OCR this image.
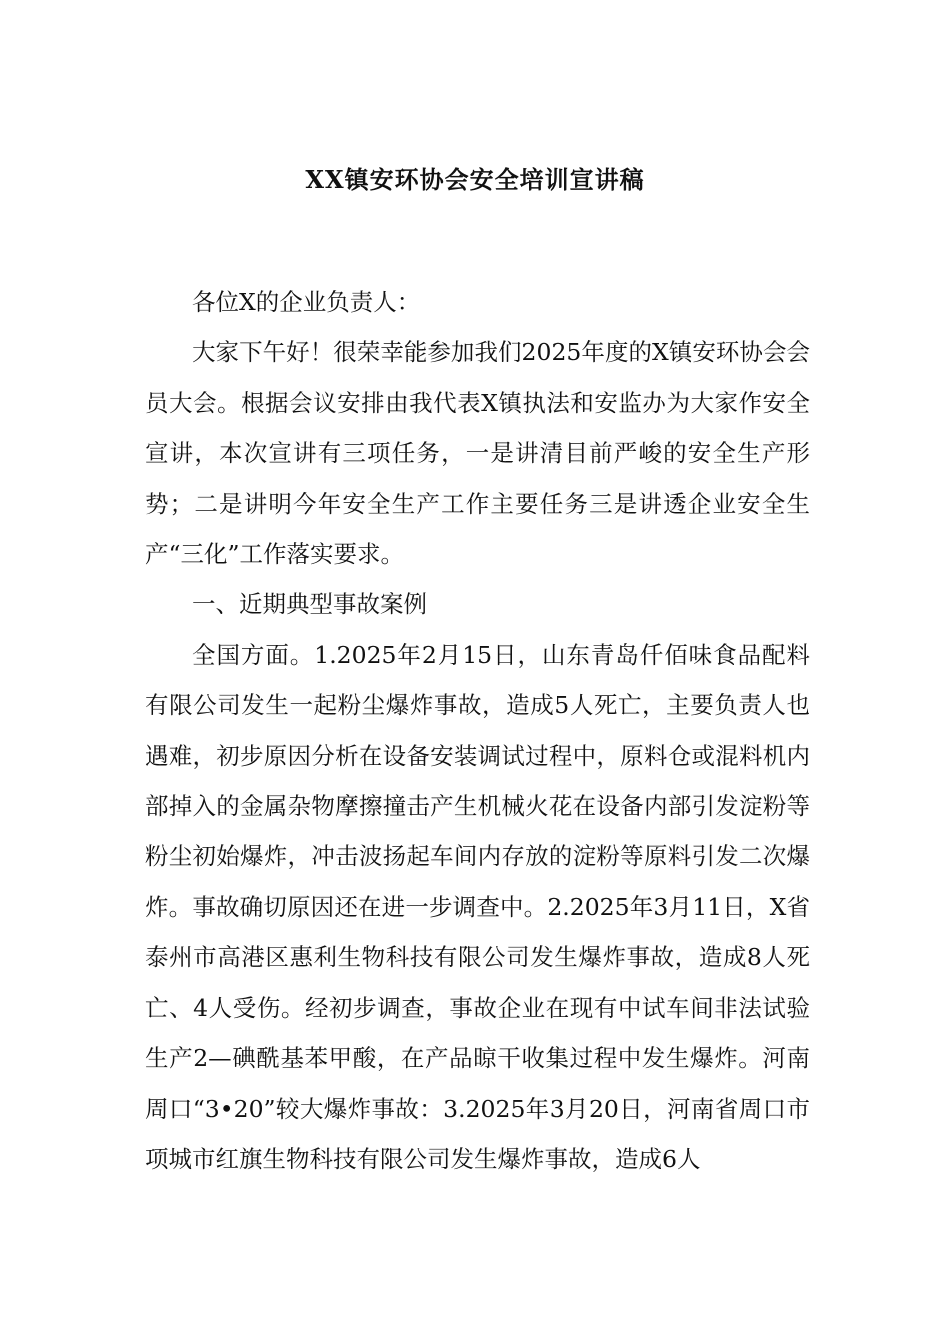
XX镇安环协会安全培训宣讲稿

各位X的企业负责人：

大家下午好！很荣幸能参加我们2025年度的X镇安环协会会员大会。根据会议安排由我代表X镇执法和安监办为大家作安全宣讲，本次宣讲有三项任务，一是讲清目前严峻的安全生产形势；二是讲明今年安全生产工作主要任务三是讲透企业安全生产“三化”工作落实要求。

一、近期典型事故案例

全国方面。1.2025年2月15日，山东青岛仟佰味食品配料有限公司发生一起粉尘爆炸事故，造成5人死亡，主要负责人也遇难，初步原因分析在设备安装调试过程中，原料仓或混料机内部掉入的金属杂物摩擦撞击产生机械火花在设备内部引发淀粉等粉尘初始爆炸，冲击波扬起车间内存放的淀粉等原料引发二次爆炸。事故确切原因还在进一步调查中。2.2025年3月11日，X省泰州市高港区惠利生物科技有限公司发生爆炸事故，造成8人死亡、4人受伤。经初步调查，事故企业在现有中试车间非法试验生产2—碘酰基苯甲酸，在产品晾干收集过程中发生爆炸。河南周口“3•20”较大爆炸事故：3.2025年3月20日，河南省周口市项城市红旗生物科技有限公司发生爆炸事故，造成6人
